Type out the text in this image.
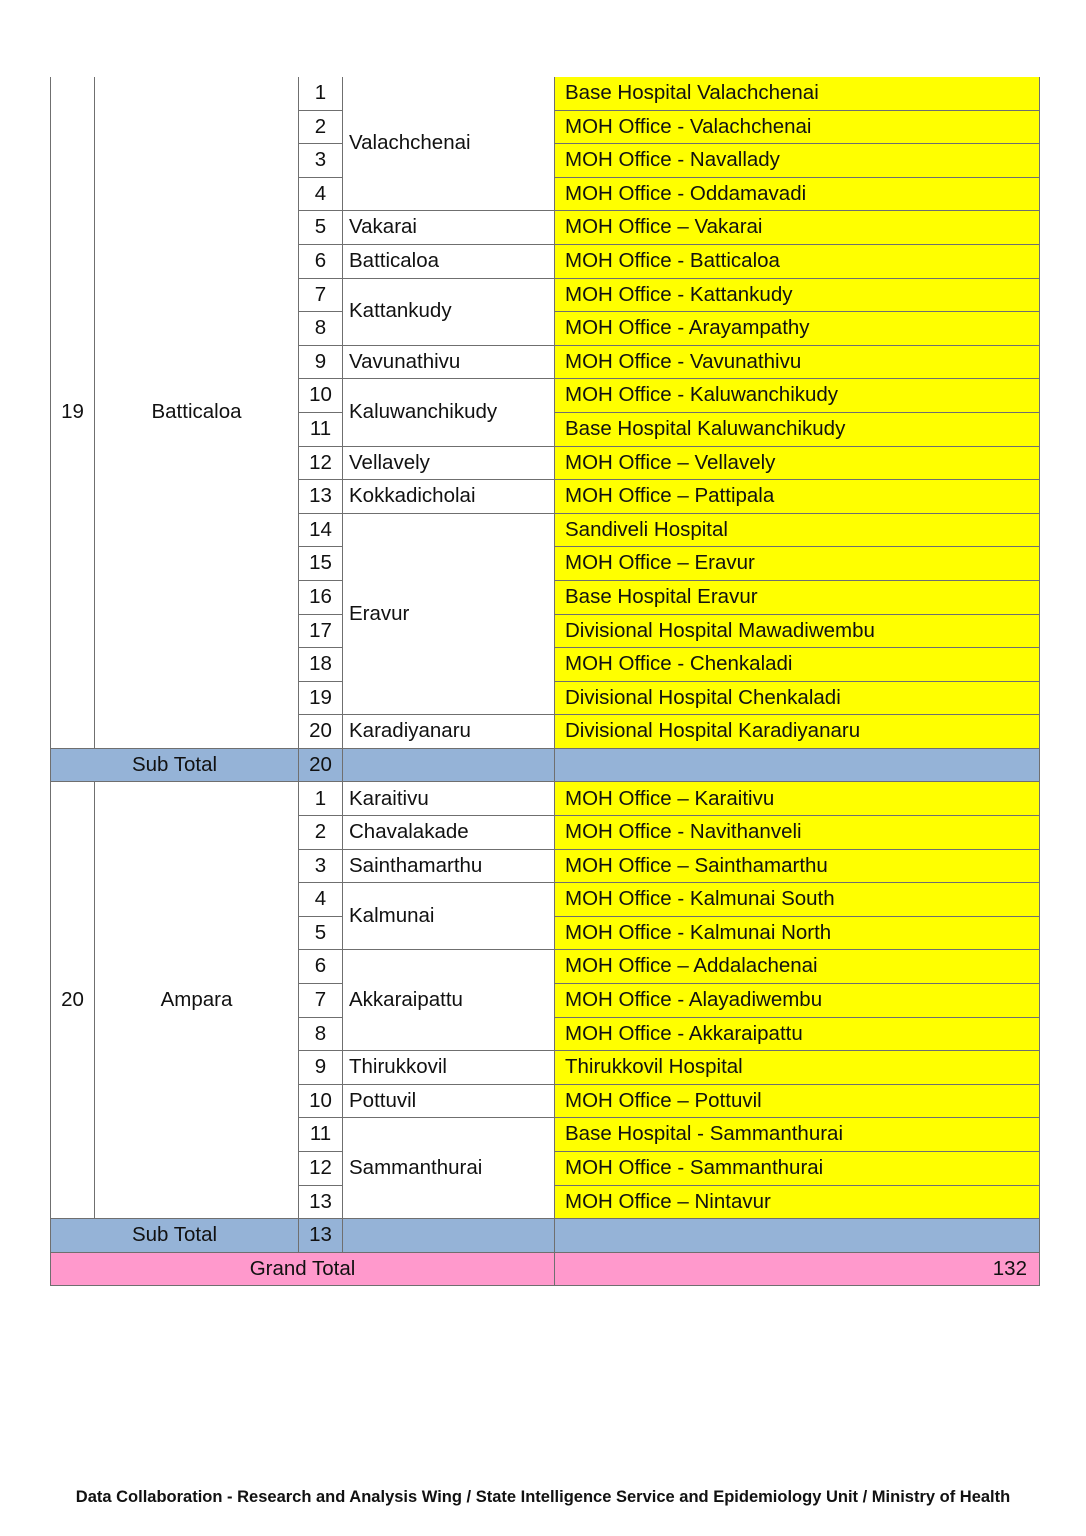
19	Batticaloa	1	Valachchenai	Base Hospital Valachchenai
		2		MOH Office - Valachchenai
		3		MOH Office - Navallady
		4		MOH Office - Oddamavadi
		5	Vakarai	MOH Office – Vakarai
		6	Batticaloa	MOH Office - Batticaloa
		7	Kattankudy	MOH Office - Kattankudy
		8		MOH Office - Arayampathy
		9	Vavunathivu	MOH Office - Vavunathivu
		10	Kaluwanchikudy	MOH Office - Kaluwanchikudy
		11		Base Hospital Kaluwanchikudy
		12	Vellavely	MOH Office – Vellavely
		13	Kokkadicholai	MOH Office – Pattipala
		14	Eravur	Sandiveli Hospital
		15		MOH Office – Eravur
		16		Base Hospital Eravur
		17		Divisional Hospital Mawadiwembu
		18		MOH Office - Chenkaladi
		19		Divisional Hospital Chenkaladi
		20	Karadiyanaru	Divisional Hospital Karadiyanaru
Sub Total		20		
20	Ampara	1	Karaitivu	MOH Office – Karaitivu
		2	Chavalakade	MOH Office - Navithanveli
		3	Sainthamarthu	MOH Office – Sainthamarthu
		4	Kalmunai	MOH Office - Kalmunai South
		5		MOH Office - Kalmunai North
		6	Akkaraipattu	MOH Office – Addalachenai
		7		MOH Office - Alayadiwembu
		8		MOH Office - Akkaraipattu
		9	Thirukkovil	Thirukkovil Hospital
		10	Pottuvil	MOH Office – Pottuvil
		11	Sammanthurai	Base Hospital - Sammanthurai
		12		MOH Office - Sammanthurai
		13		MOH Office – Nintavur
Sub Total		13		
Grand Total				132
Data Collaboration - Research and Analysis Wing / State Intelligence Service and Epidemiology Unit / Ministry of Health
